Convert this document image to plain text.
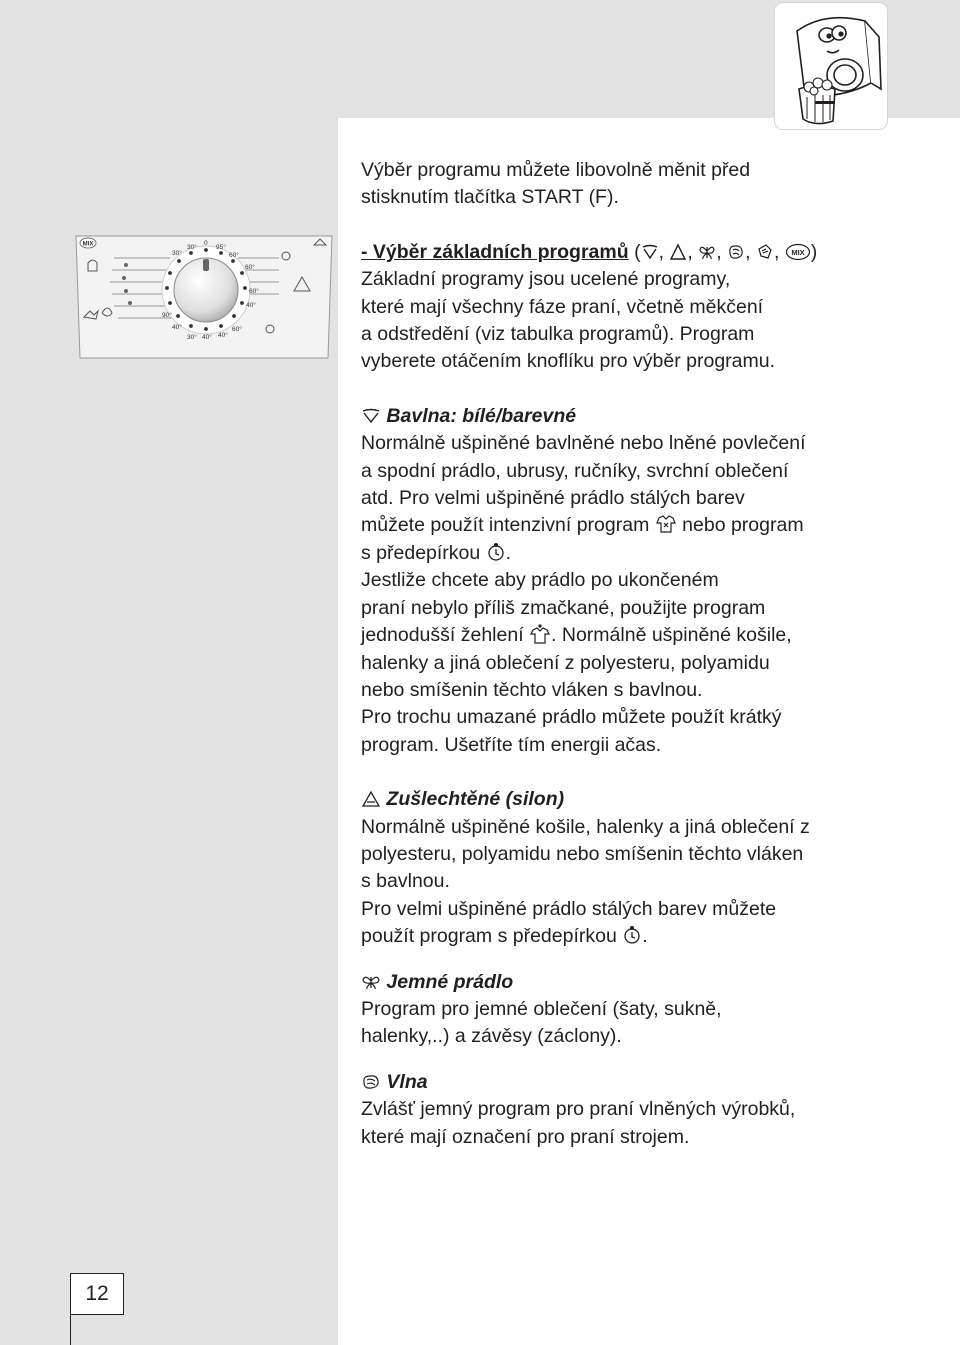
MIX	30°
0
95°
60°
60°
60°
40°
30°
90°
40°
30° 40° 40°
60°

Výběr programu můžete libovolně měnit před

stisknutím tlačítka START (F).

- Výběr základních programů ( , , , , , MIX )

Základní programy jsou ucelené programy,

které mají všechny fáze praní, včetně měkčení

a odstředění (viz tabulka programů). Program

vyberete otáčením knoflíku pro výběr programu.

Bavlna: bílé/barevné

Normálně ušpiněné bavlněné nebo lněné povlečení

a spodní prádlo, ubrusy, ručníky, svrchní oblečení

atd. Pro velmi ušpiněné prádlo stálých barev

můžete použít intenzivní program nebo program

s předepírkou .

Jestliže chcete aby prádlo po ukončeném

praní nebylo příliš zmačkané, použijte program

jednodušší žehlení . Normálně ušpiněné košile,

halenky a jiná oblečení z polyesteru, polyamidu

nebo smíšenin těchto vláken s bavlnou.

Pro trochu umazané prádlo můžete použít krátký

program. Ušetříte tím energii ačas.

Zušlechtěné (silon)

Normálně ušpiněné košile, halenky a jiná oblečení z

polyesteru, polyamidu nebo smíšenin těchto vláken

s bavlnou.

Pro velmi ušpiněné prádlo stálých barev můžete

použít program s předepírkou .

Jemné prádlo

Program pro jemné oblečení (šaty, sukně,

halenky,..) a závěsy (záclony).

Vlna

Zvlášť jemný program pro praní vlněných výrobků,

které mají označení pro praní strojem.

12
